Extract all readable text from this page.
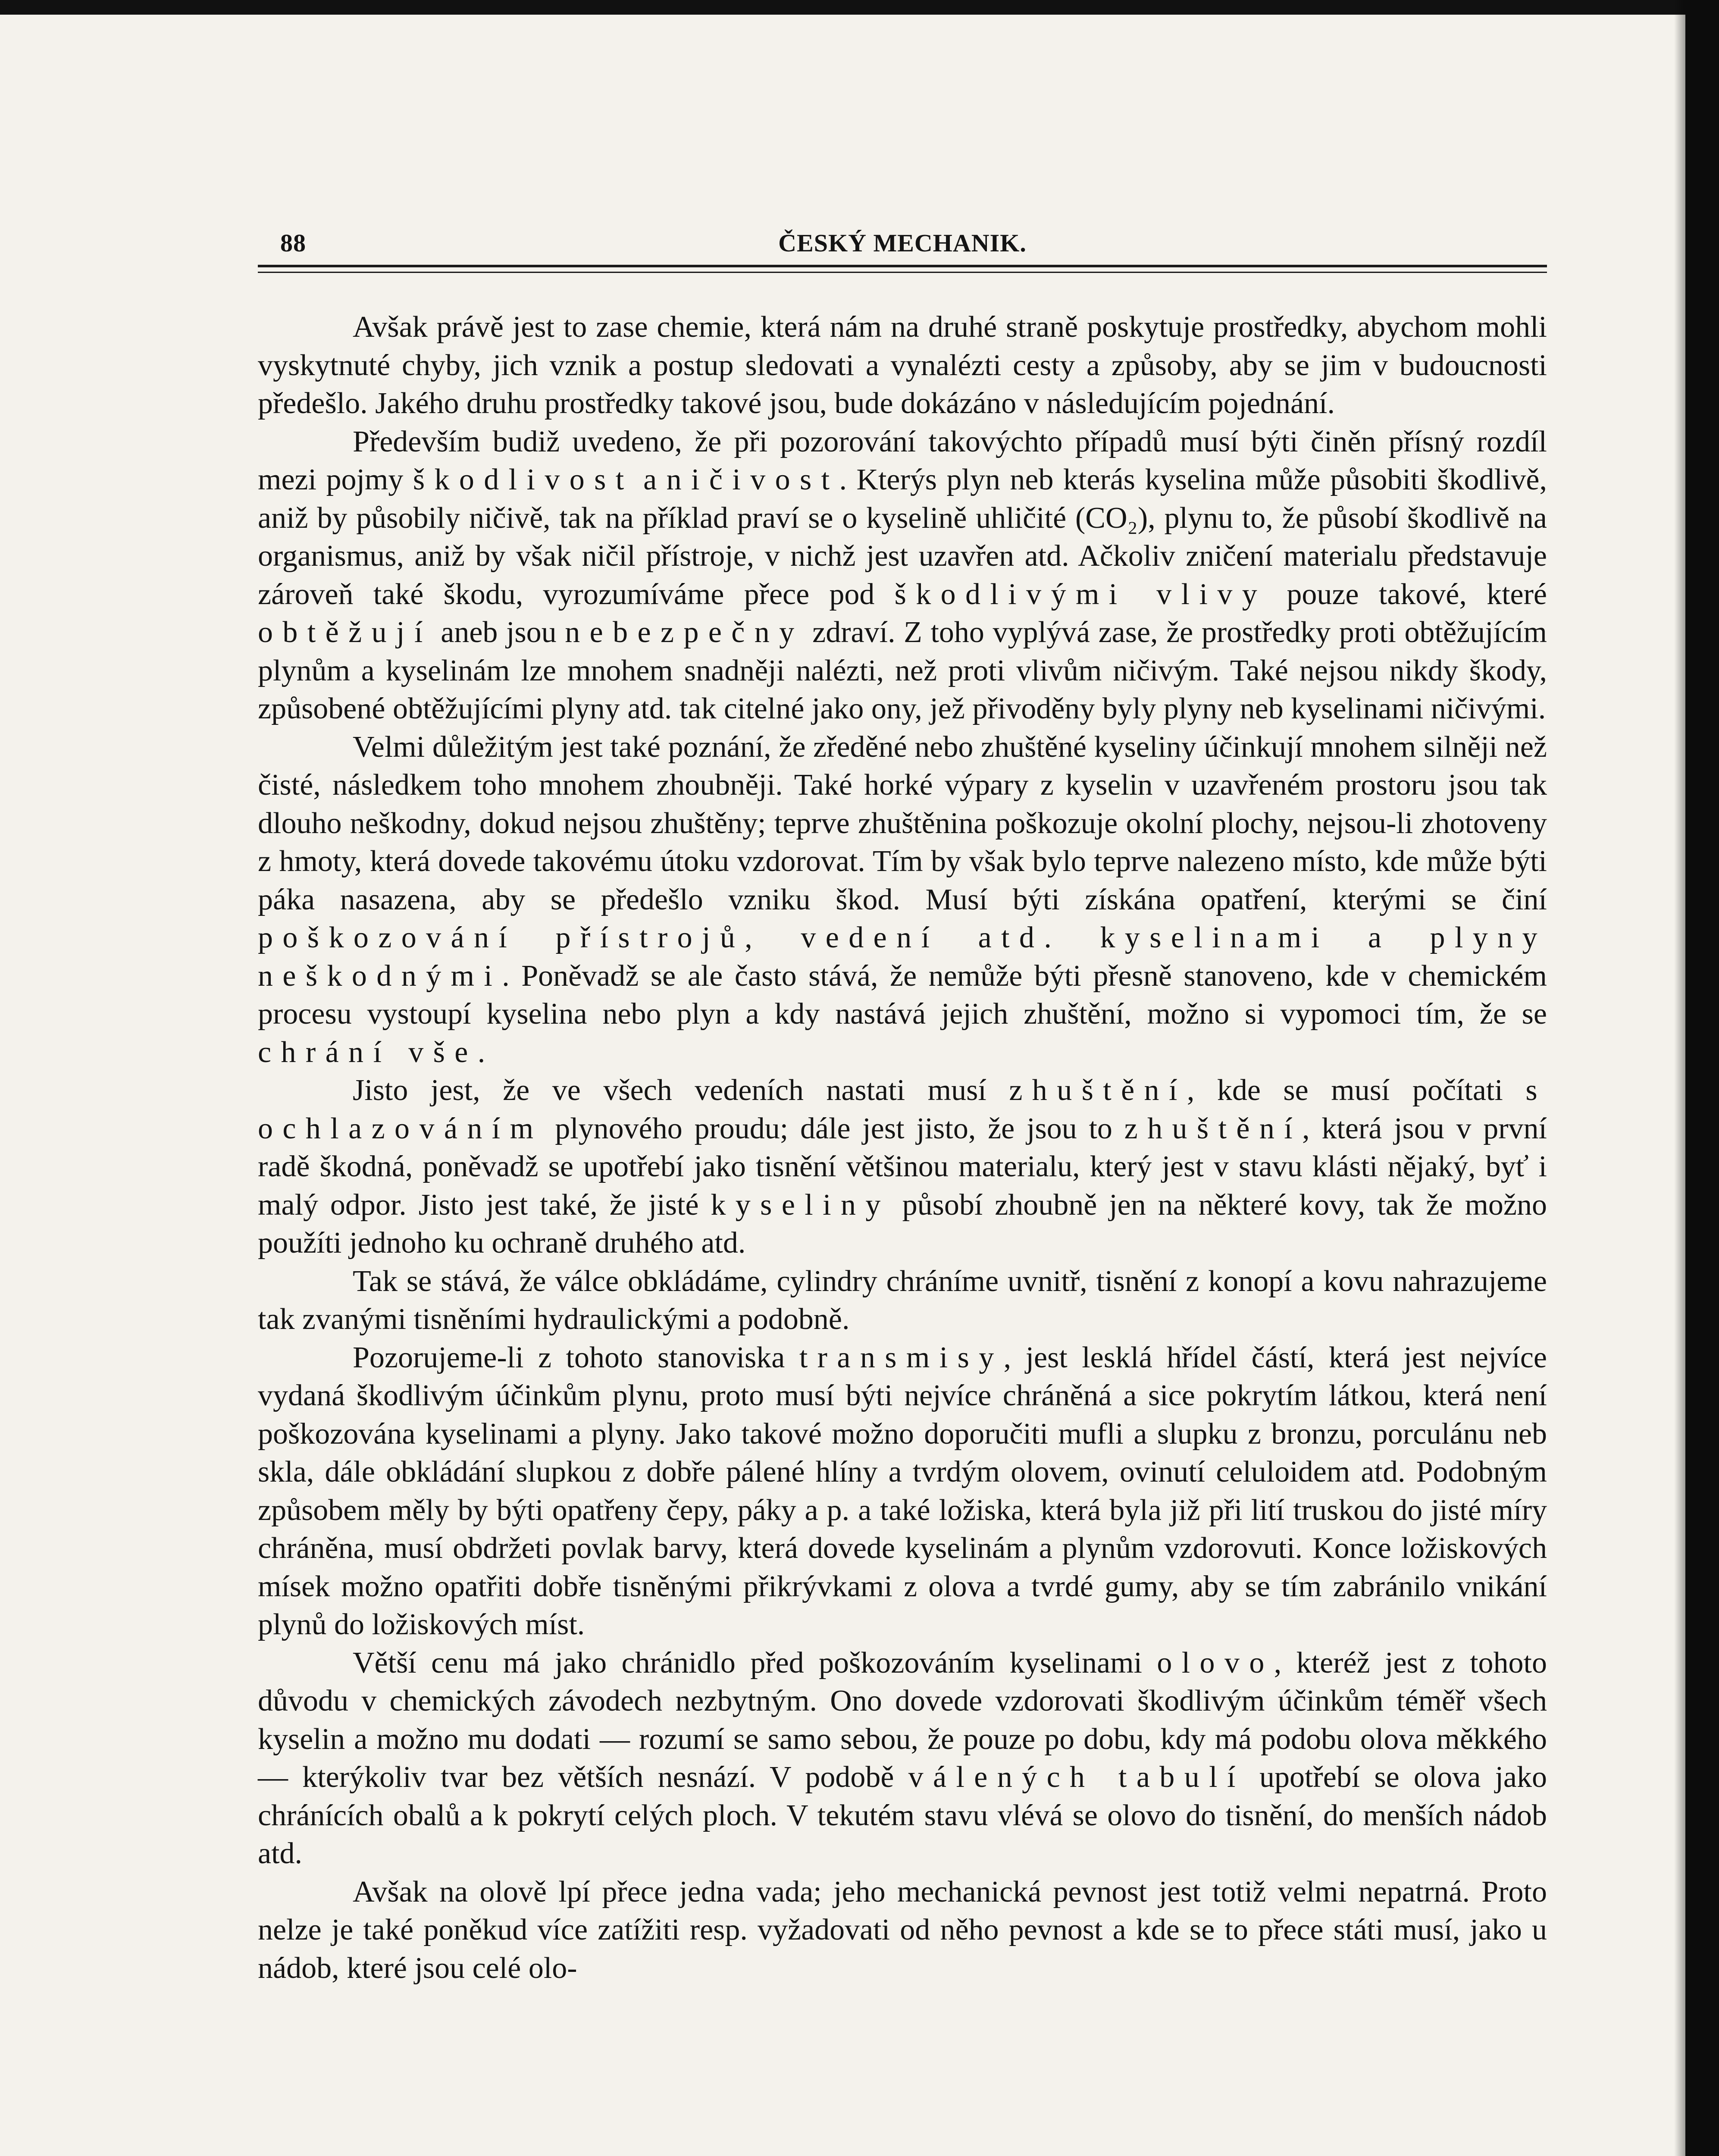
88	ČESKÝ MECHANIK.

Avšak právě jest to zase chemie, která nám na druhé straně poskytuje prostředky, abychom mohli vyskytnuté chyby, jich vznik a postup sledovati a vynalézti cesty a způsoby, aby se jim v budoucnosti předešlo. Jakého druhu prostředky takové jsou, bude dokázáno v následujícím pojednání.

Především budiž uvedeno, že při pozorování takovýchto případů musí býti činěn přísný rozdíl mezi pojmy škodlivost a ničivost. Kterýs plyn neb kterás kyselina může působiti škodlivě, aniž by působily ničivě, tak na příklad praví se o kyselině uhličité (CO₂), plynu to, že působí škodlivě na organismus, aniž by však ničil přístroje, v nichž jest uzavřen atd. Ačkoliv zničení materialu představuje zároveň také škodu, vyrozumíváme přece pod škodlivými vlivy pouze takové, které obtěžují aneb jsou nebezpečny zdraví. Z toho vyplývá zase, že prostředky proti obtěžujícím plynům a kyselinám lze mnohem snadněji nalézti, než proti vlivům ničivým. Také nejsou nikdy škody, způsobené obtěžujícími plyny atd. tak citelné jako ony, jež přivoděny byly plyny neb kyselinami ničivými.

Velmi důležitým jest také poznání, že zředěné nebo zhuštěné kyseliny účinkují mnohem silněji než čisté, následkem toho mnohem zhoubněji. Také horké výpary z kyselin v uzavřeném prostoru jsou tak dlouho neškodny, dokud nejsou zhuštěny; teprve zhuštěnina poškozuje okolní plochy, nejsou-li zhotoveny z hmoty, která dovede takovému útoku vzdorovat. Tím by však bylo teprve nalezeno místo, kde může býti páka nasazena, aby se předešlo vzniku škod. Musí býti získána opatření, kterými se činí poškozování přístrojů, vedení atd. kyselinami a plyny neškodnými. Poněvadž se ale často stává, že nemůže býti přesně stanoveno, kde v chemickém procesu vystoupí kyselina nebo plyn a kdy nastává jejich zhuštění, možno si vypomoci tím, že se chrání vše.

Jisto jest, že ve všech vedeních nastati musí zhuštění, kde se musí počítati s ochlazováním plynového proudu; dále jest jisto, že jsou to zhuštění, která jsou v první radě škodná, poněvadž se upotřebí jako tisnění většinou materialu, který jest v stavu klásti nějaký, byť i malý odpor. Jisto jest také, že jisté kyseliny působí zhoubně jen na některé kovy, tak že možno použíti jednoho ku ochraně druhého atd.

Tak se stává, že válce obkládáme, cylindry chráníme uvnitř, tisnění z konopí a kovu nahrazujeme tak zvanými tisněními hydraulickými a podobně.

Pozorujeme-li z tohoto stanoviska transmisy, jest lesklá hřídel částí, která jest nejvíce vydaná škodlivým účinkům plynu, proto musí býti nejvíce chráněná a sice pokrytím látkou, která není poškozována kyselinami a plyny. Jako takové možno doporučiti mufli a slupku z bronzu, porculánu neb skla, dále obkládání slupkou z dobře pálené hlíny a tvrdým olovem, ovinutí celuloidem atd. Podobným způsobem měly by býti opatřeny čepy, páky a p. a také ložiska, která byla již při lití truskou do jisté míry chráněna, musí obdržeti povlak barvy, která dovede kyselinám a plynům vzdorovuti. Konce ložiskových mísek možno opatřiti dobře tisněnými přikrývkami z olova a tvrdé gumy, aby se tím zabránilo vnikání plynů do ložiskových míst.

Větší cenu má jako chránidlo před poškozováním kyselinami olovo, kteréž jest z tohoto důvodu v chemických závodech nezbytným. Ono dovede vzdorovati škodlivým účinkům téměř všech kyselin a možno mu dodati — rozumí se samo sebou, že pouze po dobu, kdy má podobu olova měkkého — kterýkoliv tvar bez větších nesnází. V podobě válených tabulí upotřebí se olova jako chránících obalů a k pokrytí celých ploch. V tekutém stavu vlévá se olovo do tisnění, do menších nádob atd.

Avšak na olově lpí přece jedna vada; jeho mechanická pevnost jest totiž velmi nepatrná. Proto nelze je také poněkud více zatížiti resp. vyžadovati od něho pevnost a kde se to přece státi musí, jako u nádob, které jsou celé olo-
